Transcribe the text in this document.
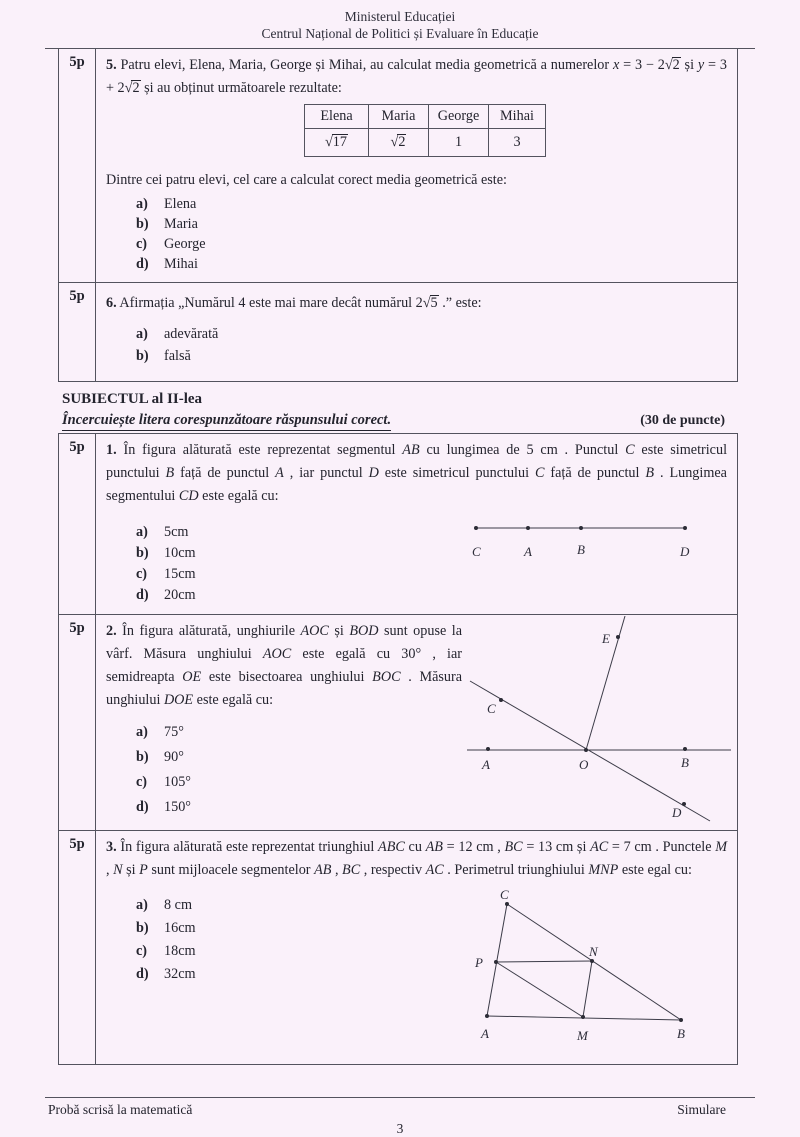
Ministerul Educației
Centrul Național de Politici și Evaluare în Educație
5p	5. Patru elevi, Elena, Maria, George și Mihai, au calculat media geometrică a numerelor x = 3 − 2√2 și y = 3 + 2√2 și au obținut următoarele rezultate:

Elena	Maria	George	Mihai
√17	√2	1	3

Dintre cei patru elevi, cel care a calculat corect media geometrică este:

a)	Elena
b)	Maria
c)	George
d)	Mihai
5p	6. Afirmația „Numărul 4 este mai mare decât numărul 2√5 .” este:

a)	adevărată
b)	falsă
SUBIECTUL al II-lea
Încercuiește litera corespunzătoare răspunsului corect.	(30 de puncte)
5p	1. În figura alăturată este reprezentat segmentul AB cu lungimea de 5 cm . Punctul C este simetricul punctului B față de punctul A , iar punctul D este simetricul punctului C față de punctul B . Lungimea segmentului CD este egală cu:

a)	5cm
b)	10cm
c)	15cm
d)	20cm
C	A	B	D
5p	2. În figura alăturată, unghiurile AOC și BOD sunt opuse la vârf. Măsura unghiului AOC este egală cu 30° , iar semidreapta OE este bisectoarea unghiului BOC . Măsura unghiului DOE este egală cu:

a)	75°
b)	90°
c)	105°
d)	150°
A	O	B
C
D
E
5p	3. În figura alăturată este reprezentat triunghiul ABC cu AB = 12 cm , BC = 13 cm și AC = 7 cm . Punctele M , N și P sunt mijloacele segmentelor AB , BC , respectiv AC . Perimetrul triunghiului MNP este egal cu:

a)	8 cm
b)	16cm
c)	18cm
d)	32cm
A	B
C
M
N
P
Probă scrisă la matematică	Simulare
3
